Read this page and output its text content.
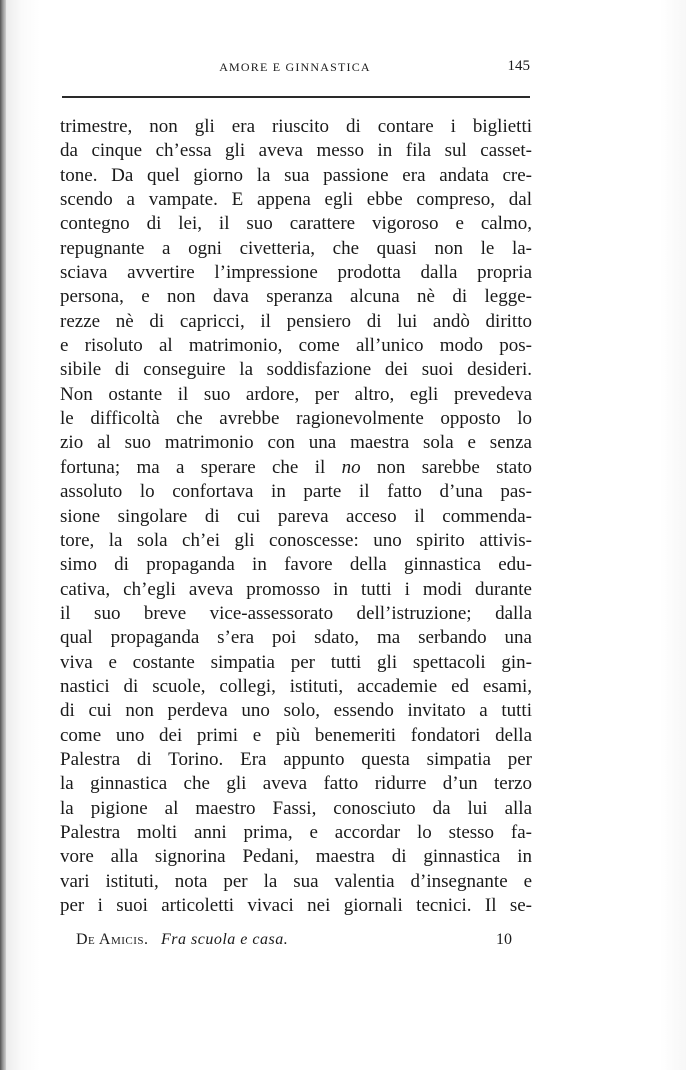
AMORE E GINNASTICA	145
trimestre, non gli era riuscito di contare i biglietti
da cinque ch’essa gli aveva messo in fila sul casset-
tone. Da quel giorno la sua passione era andata cre-
scendo a vampate. E appena egli ebbe compreso, dal
contegno di lei, il suo carattere vigoroso e calmo,
repugnante a ogni civetteria, che quasi non le la-
sciava avvertire l’impressione prodotta dalla propria
persona, e non dava speranza alcuna nè di legge-
rezze nè di capricci, il pensiero di lui andò diritto
e risoluto al matrimonio, come all’unico modo pos-
sibile di conseguire la soddisfazione dei suoi desideri.
Non ostante il suo ardore, per altro, egli prevedeva
le difficoltà che avrebbe ragionevolmente opposto lo
zio al suo matrimonio con una maestra sola e senza
fortuna; ma a sperare che il no non sarebbe stato
assoluto lo confortava in parte il fatto d’una pas-
sione singolare di cui pareva acceso il commenda-
tore, la sola ch’ei gli conoscesse: uno spirito attivis-
simo di propaganda in favore della ginnastica edu-
cativa, ch’egli aveva promosso in tutti i modi durante
il suo breve vice-assessorato dell’istruzione; dalla
qual propaganda s’era poi sdato, ma serbando una
viva e costante simpatia per tutti gli spettacoli gin-
nastici di scuole, collegi, istituti, accademie ed esami,
di cui non perdeva uno solo, essendo invitato a tutti
come uno dei primi e più benemeriti fondatori della
Palestra di Torino. Era appunto questa simpatia per
la ginnastica che gli aveva fatto ridurre d’un terzo
la pigione al maestro Fassi, conosciuto da lui alla
Palestra molti anni prima, e accordar lo stesso fa-
vore alla signorina Pedani, maestra di ginnastica in
vari istituti, nota per la sua valentia d’insegnante e
per i suoi articoletti vivaci nei giornali tecnici. Il se-
De Amicis. Fra scuola e casa.	10
